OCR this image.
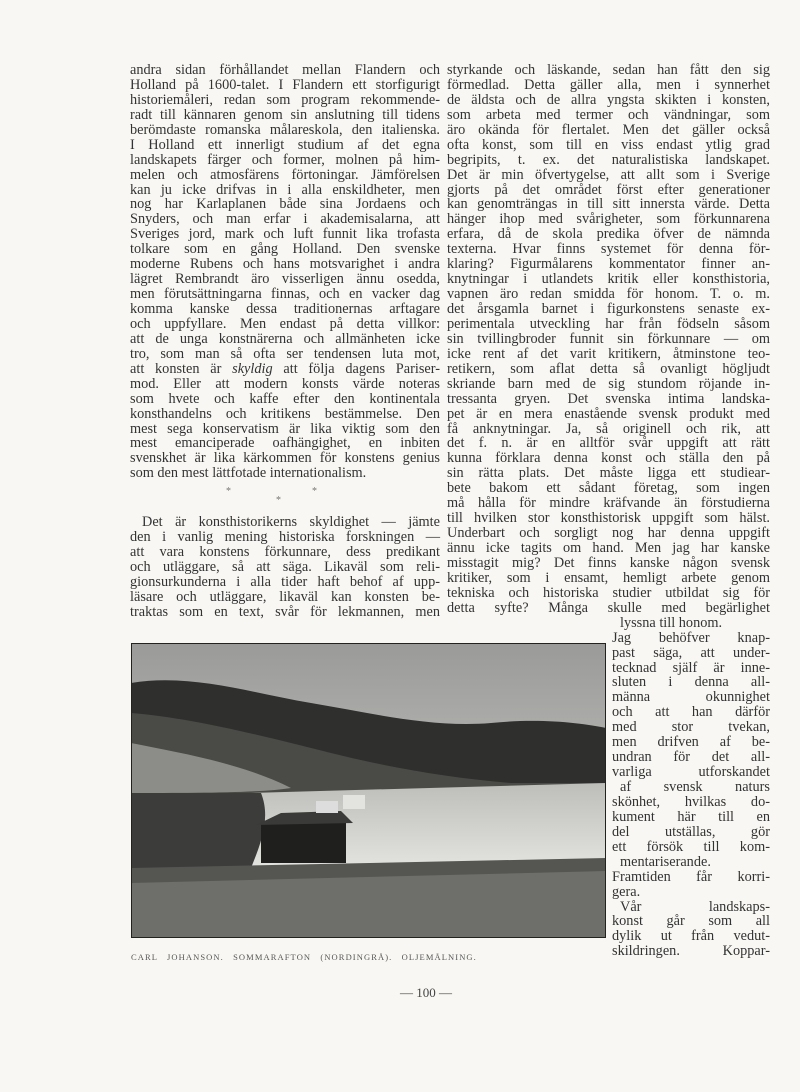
andra sidan förhållandet mellan Flandern och
Holland på 1600-talet. I Flandern ett storfigurigt
historiemåleri, redan som program rekommende-
radt till kännaren genom sin anslutning till tidens
berömdaste romanska målareskola, den italienska.
I Holland ett innerligt studium af det egna
landskapets färger och former, molnen på him-
melen och atmosfärens förtoningar. Jämförelsen
kan ju icke drifvas in i alla enskildheter, men
nog har Karlaplanen både sina Jordaens och
Snyders, och man erfar i akademisalarna, att
Sveriges jord, mark och luft funnit lika trofasta
tolkare som en gång Holland. Den svenske
moderne Rubens och hans motsvarighet i andra
lägret Rembrandt äro visserligen ännu osedda,
men förutsättningarna finnas, och en vacker dag
komma kanske dessa traditionernas arftagare
och uppfyllare. Men endast på detta villkor:
att de unga konstnärerna och allmänheten icke
tro, som man så ofta ser tendensen luta mot,
att konsten är skyldig att följa dagens Pariser-
mod. Eller att modern konsts värde noteras
som hvete och kaffe efter den kontinentala
konsthandelns och kritikens bestämmelse. Den
mest sega konservatism är lika viktig som den
mest emanciperade oafhängighet, en inbiten
svenskhet är lika kärkommen för konstens genius
som den mest lättfotade internationalism.
*	*
*
Det är konsthistorikerns skyldighet — jämte
den i vanlig mening historiska forskningen —
att vara konstens förkunnare, dess predikant
och utläggare, så att säga. Likaväl som reli-
gionsurkunderna i alla tider haft behof af upp-
läsare och utläggare, likaväl kan konsten be-
traktas som en text, svår för lekmannen, men
styrkande och läskande, sedan han fått den sig
förmedlad. Detta gäller alla, men i synnerhet
de äldsta och de allra yngsta skikten i konsten,
som arbeta med termer och vändningar, som
äro okända för flertalet. Men det gäller också
ofta konst, som till en viss endast ytlig grad
begripits, t. ex. det naturalistiska landskapet.
Det är min öfvertygelse, att allt som i Sverige
gjorts på det området först efter generationer
kan genomträngas in till sitt innersta värde. Detta
hänger ihop med svårigheter, som förkunnarena
erfara, då de skola predika öfver de nämnda
texterna. Hvar finns systemet för denna för-
klaring? Figurmålarens kommentator finner an-
knytningar i utlandets kritik eller konsthistoria,
vapnen äro redan smidda för honom. T. o. m.
det årsgamla barnet i figurkonstens senaste ex-
perimentala utveckling har från födseln såsom
sin tvillingbroder funnit sin förkunnare — om
icke rent af det varit kritikern, åtminstone teo-
retikern, som aflat detta så ovanligt högljudt
skriande barn med de sig stundom röjande in-
tressanta gryen. Det svenska intima landska-
pet är en mera enastående svensk produkt med
få anknytningar. Ja, så originell och rik, att
det f. n. är en alltför svår uppgift att rätt
kunna förklara denna konst och ställa den på
sin rätta plats. Det måste ligga ett studiear-
bete bakom ett sådant företag, som ingen
må hålla för mindre kräfvande än förstudierna
till hvilken stor konsthistorisk uppgift som hälst.
Underbart och sorgligt nog har denna uppgift
ännu icke tagits om hand. Men jag har kanske
misstagit mig? Det finns kanske någon svensk
kritiker, som i ensamt, hemligt arbete genom
tekniska och historiska studier utbildat sig för
detta syfte? Många skulle med begärlighet
lyssna till honom.
Jag behöfver knap-
past säga, att under-
tecknad själf är inne-
sluten i denna all-
männa okunnighet
och att han därför
med stor tvekan,
men drifven af be-
undran för det all-
varliga utforskandet
af svensk naturs
skönhet, hvilkas do-
kument här till en
del utställas, gör
ett försök till kom-
mentariserande.
Framtiden får korri-
gera.
Vår landskaps-
konst går som all
dylik ut från vedut-
skildringen. Koppar-
CARL JOHANSON. SOMMARAFTON (NORDINGRÅ). OLJEMÅLNING.
— 100 —
